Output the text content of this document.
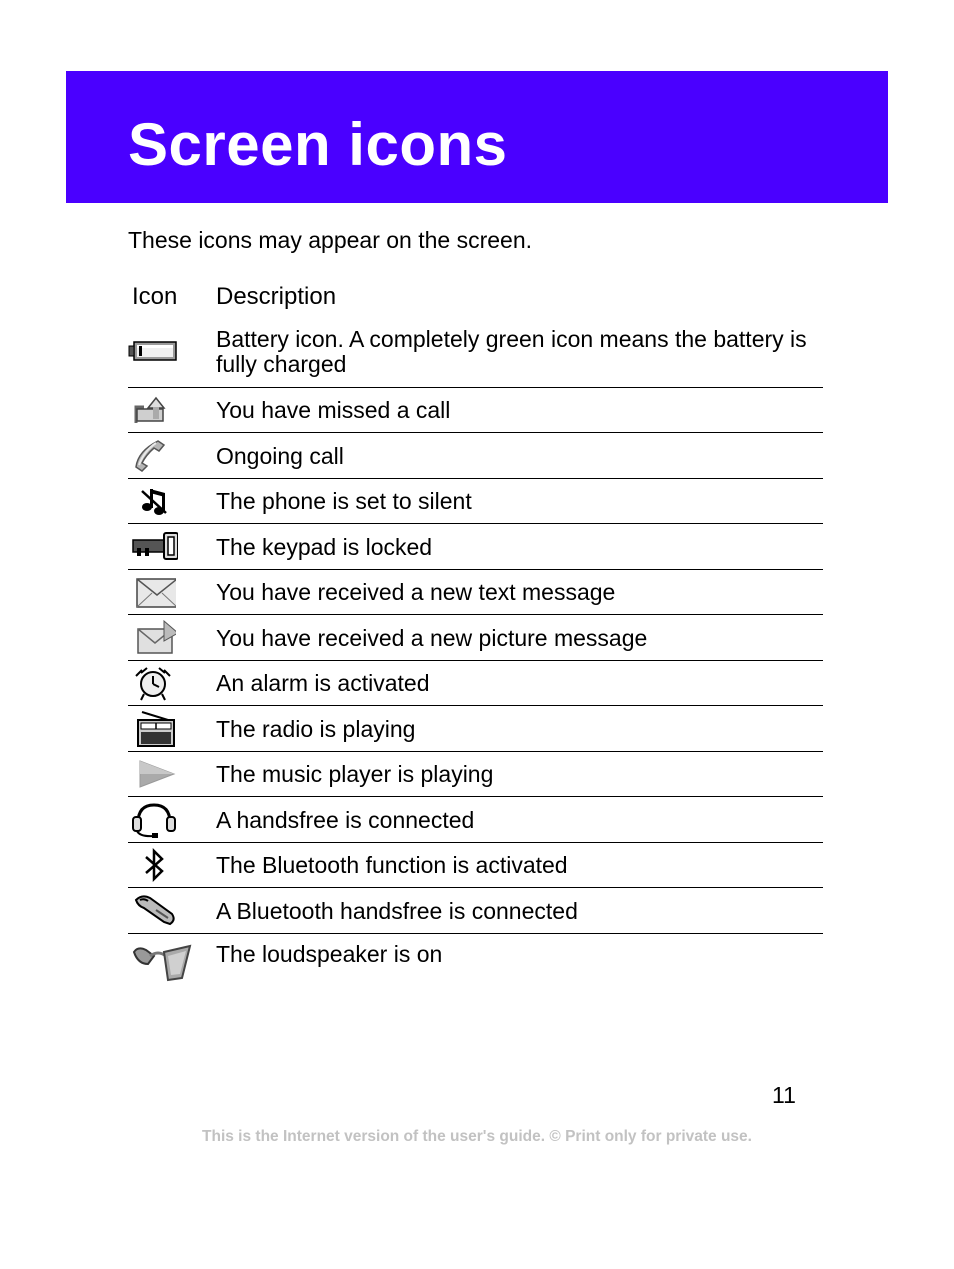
Screen icons
These icons may appear on the screen.
Icon	Description

	Battery icon. A completely green icon means the battery is fully charged

	You have missed a call

	Ongoing call

	The phone is set to silent

	The keypad is locked

	You have received a new text message

	You have received a new picture message

	An alarm is activated

	The radio is playing

	The music player is playing

	A handsfree is connected

	The Bluetooth function is activated

	A Bluetooth handsfree is connected

	The loudspeaker is on
11
This is the Internet version of the user's guide. © Print only for private use.
